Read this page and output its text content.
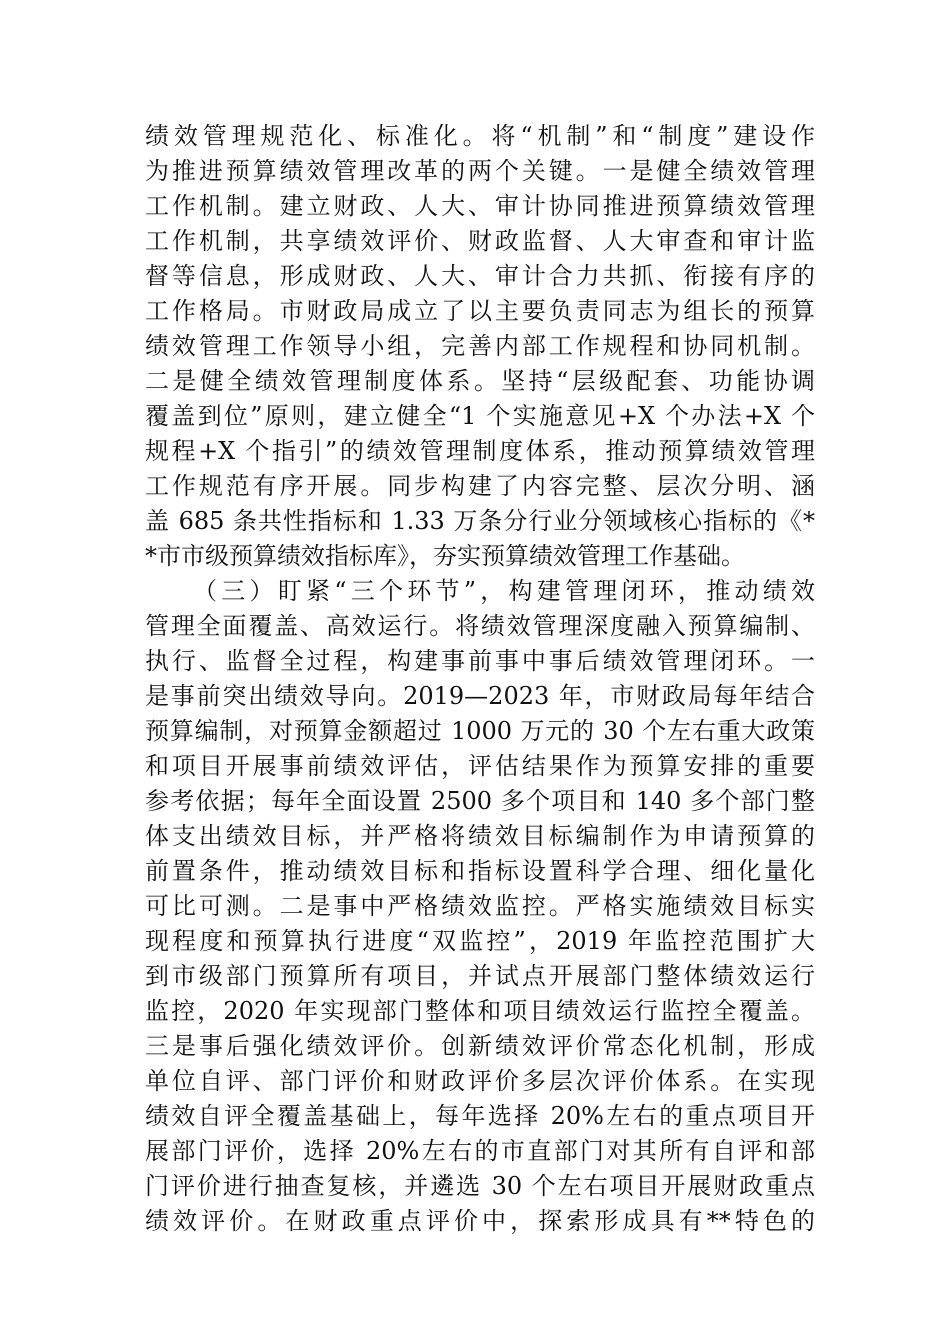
绩效管理规范化、标准化。将“机制”和“制度”建设作
为推进预算绩效管理改革的两个关键。一是健全绩效管理
工作机制。建立财政、人大、审计协同推进预算绩效管理
工作机制，共享绩效评价、财政监督、人大审查和审计监
督等信息，形成财政、人大、审计合力共抓、衔接有序的
工作格局。市财政局成立了以主要负责同志为组长的预算
绩效管理工作领导小组，完善内部工作规程和协同机制。
二是健全绩效管理制度体系。坚持“层级配套、功能协调
覆盖到位”原则，建立健全“1 个实施意见+X 个办法+X 个
规程+X 个指引”的绩效管理制度体系，推动预算绩效管理
工作规范有序开展。同步构建了内容完整、层次分明、涵
盖 685 条共性指标和 1.33 万条分行业分领域核心指标的《*
*市市级预算绩效指标库》，夯实预算绩效管理工作基础。
（三）盯紧“三个环节”，构建管理闭环，推动绩效
管理全面覆盖、高效运行。将绩效管理深度融入预算编制、
执行、监督全过程，构建事前事中事后绩效管理闭环。一
是事前突出绩效导向。2019—2023 年，市财政局每年结合
预算编制，对预算金额超过 1000 万元的 30 个左右重大政策
和项目开展事前绩效评估，评估结果作为预算安排的重要
参考依据；每年全面设置 2500 多个项目和 140 多个部门整
体支出绩效目标，并严格将绩效目标编制作为申请预算的
前置条件，推动绩效目标和指标设置科学合理、细化量化
可比可测。二是事中严格绩效监控。严格实施绩效目标实
现程度和预算执行进度“双监控”，2019 年监控范围扩大
到市级部门预算所有项目，并试点开展部门整体绩效运行
监控，2020 年实现部门整体和项目绩效运行监控全覆盖。
三是事后强化绩效评价。创新绩效评价常态化机制，形成
单位自评、部门评价和财政评价多层次评价体系。在实现
绩效自评全覆盖基础上，每年选择 20%左右的重点项目开
展部门评价，选择 20%左右的市直部门对其所有自评和部
门评价进行抽查复核，并遴选 30 个左右项目开展财政重点
绩效评价。在财政重点评价中，探索形成具有**特色的
